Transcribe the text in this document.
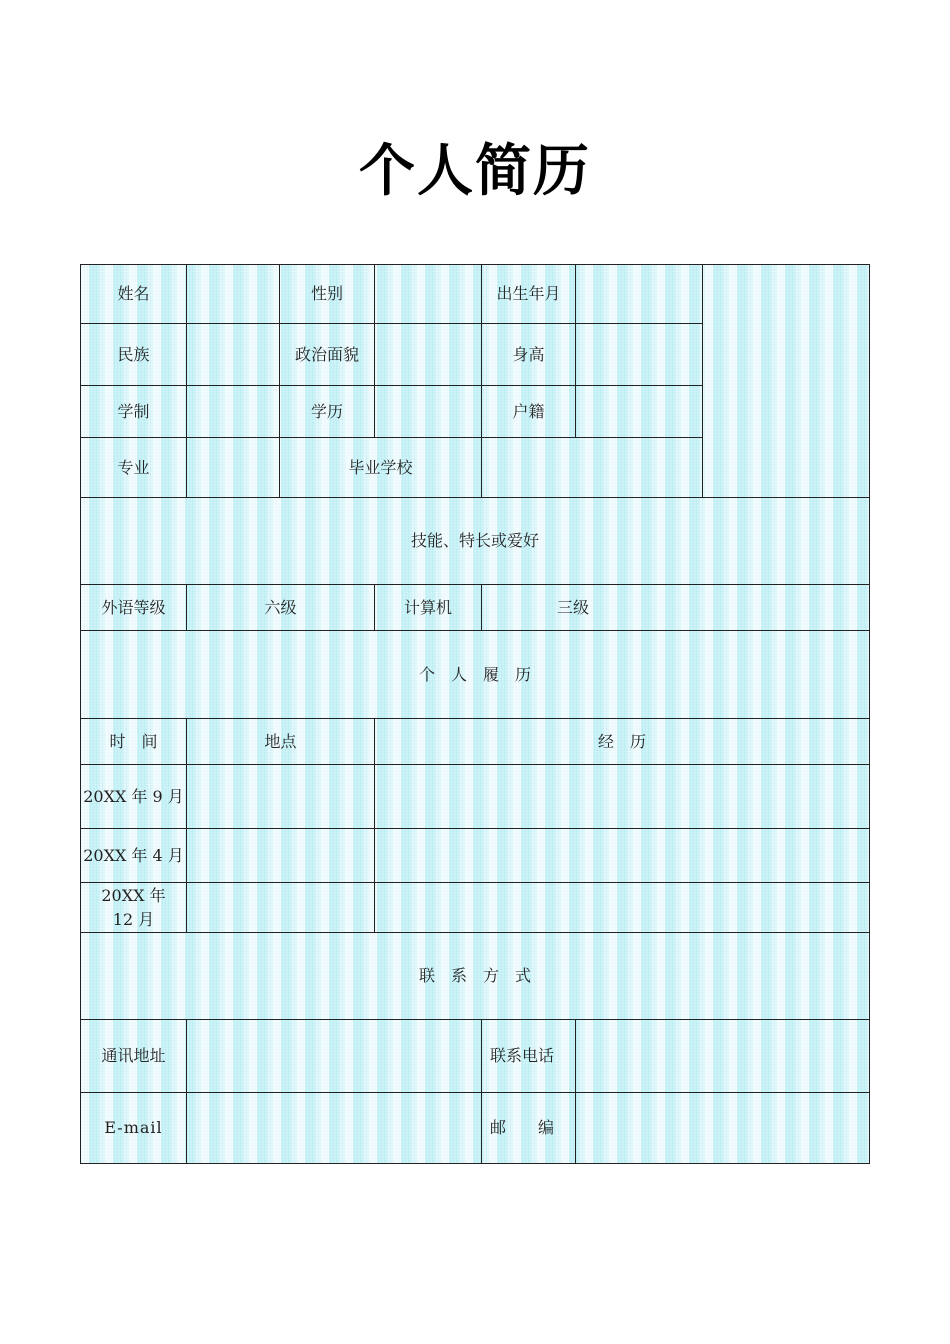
个人简历
姓名	性别	出生年月
民族	政治面貌	身高
学制	学历	户籍
专业	毕业学校
技能、特长或爱好
外语等级	六级	计算机	三级
个　人　履　历
时　间	地点	经　历
20XX 年 9 月
20XX 年 4 月
20XX 年 12 月
联　系　方　式
通讯地址	联系电话
E-mail	邮　　编
